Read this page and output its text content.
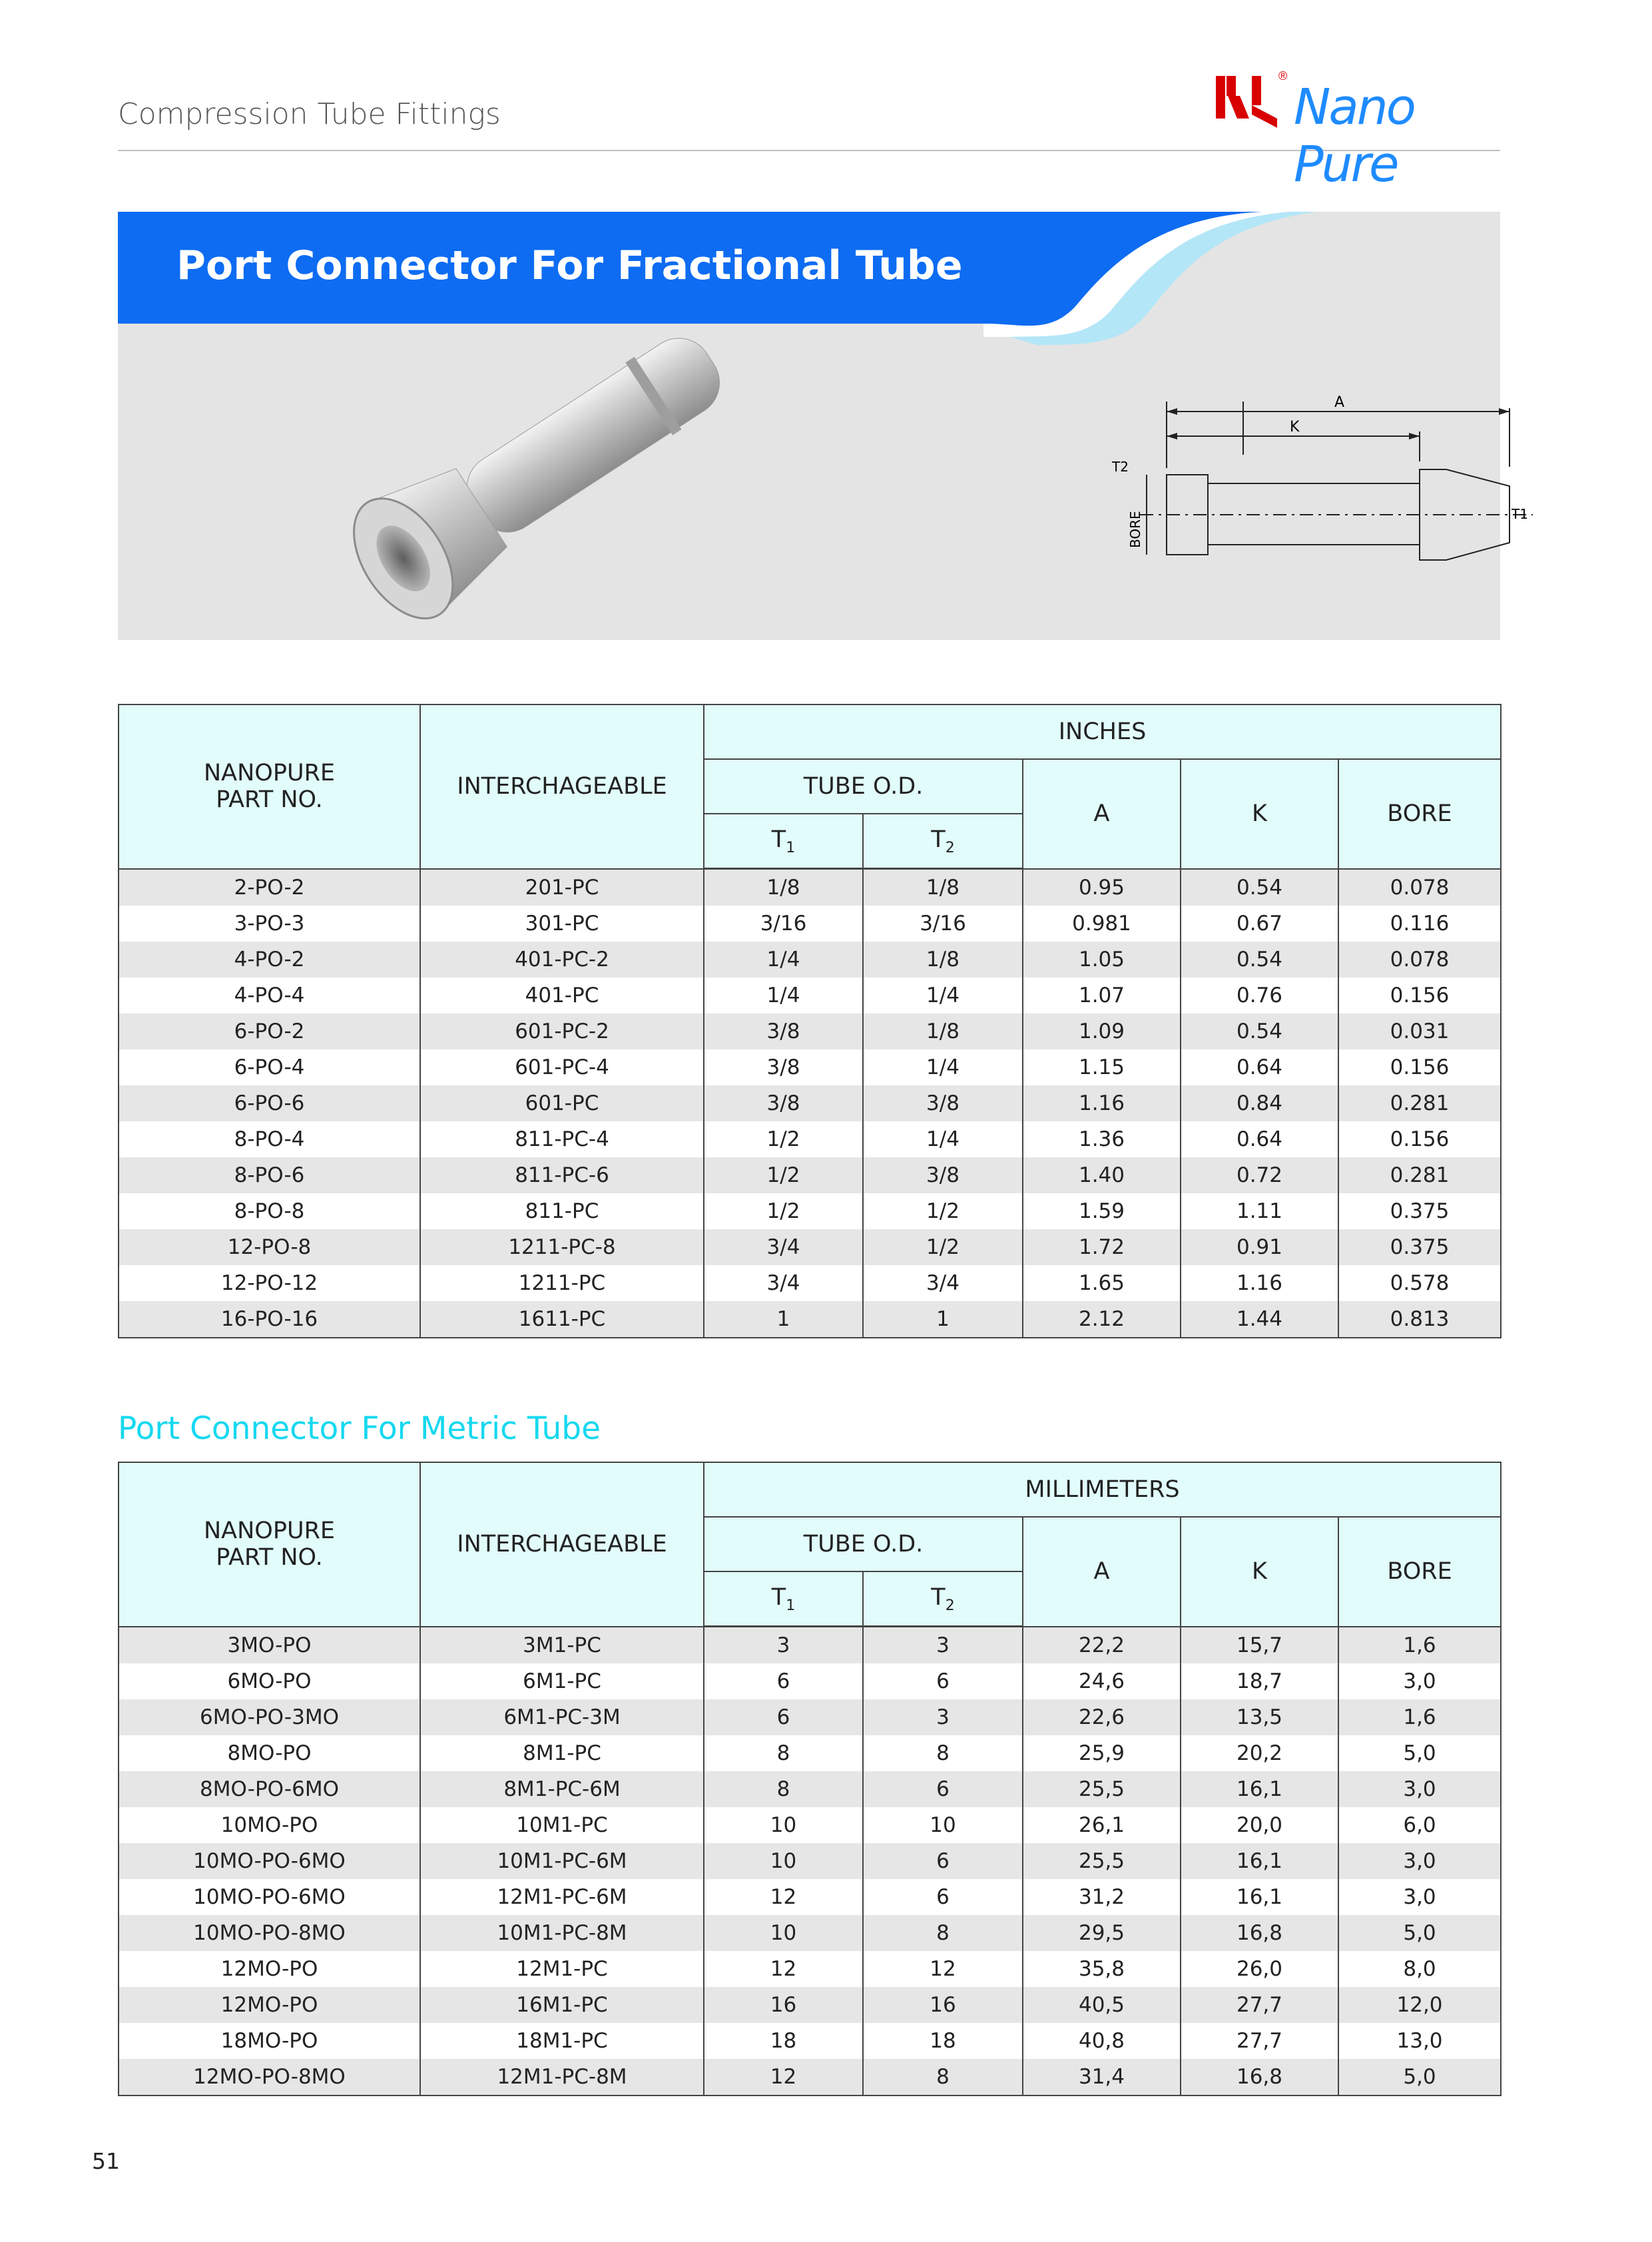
Compression Tube Fittings
®
Nano Pure
Port Connector For Fractional Tube
A
K
T2
BORE	T1
NANOPURE
PART NO.	INTERCHAGEABLE	INCHES				
		TUBE O.D.		A	K	BORE
		$T_1$	$T_2$
2-PO-2	201-PC	1/8	1/8	0.95	0.54	0.078
3-PO-3	301-PC	3/16	3/16	0.981	0.67	0.116
4-PO-2	401-PC-2	1/4	1/8	1.05	0.54	0.078
4-PO-4	401-PC	1/4	1/4	1.07	0.76	0.156
6-PO-2	601-PC-2	3/8	1/8	1.09	0.54	0.031
6-PO-4	601-PC-4	3/8	1/4	1.15	0.64	0.156
6-PO-6	601-PC	3/8	3/8	1.16	0.84	0.281
8-PO-4	811-PC-4	1/2	1/4	1.36	0.64	0.156
8-PO-6	811-PC-6	1/2	3/8	1.40	0.72	0.281
8-PO-8	811-PC	1/2	1/2	1.59	1.11	0.375
12-PO-8	1211-PC-8	3/4	1/2	1.72	0.91	0.375
12-PO-12	1211-PC	3/4	3/4	1.65	1.16	0.578
16-PO-16	1611-PC	1	1	2.12	1.44	0.813
Port Connector For Metric Tube
NANOPURE
PART NO.	INTERCHAGEABLE	MILLIMETERS				
		TUBE O.D.		A	K	BORE
		$T_1$	$T_2$
3MO-PO	3M1-PC	3	3	22,2	15,7	1,6
6MO-PO	6M1-PC	6	6	24,6	18,7	3,0
6MO-PO-3MO	6M1-PC-3M	6	3	22,6	13,5	1,6
8MO-PO	8M1-PC	8	8	25,9	20,2	5,0
8MO-PO-6MO	8M1-PC-6M	8	6	25,5	16,1	3,0
10MO-PO	10M1-PC	10	10	26,1	20,0	6,0
10MO-PO-6MO	10M1-PC-6M	10	6	25,5	16,1	3,0
10MO-PO-6MO	12M1-PC-6M	12	6	31,2	16,1	3,0
10MO-PO-8MO	10M1-PC-8M	10	8	29,5	16,8	5,0
12MO-PO	12M1-PC	12	12	35,8	26,0	8,0
12MO-PO	16M1-PC	16	16	40,5	27,7	12,0
18MO-PO	18M1-PC	18	18	40,8	27,7	13,0
12MO-PO-8MO	12M1-PC-8M	12	8	31,4	16,8	5,0
51
